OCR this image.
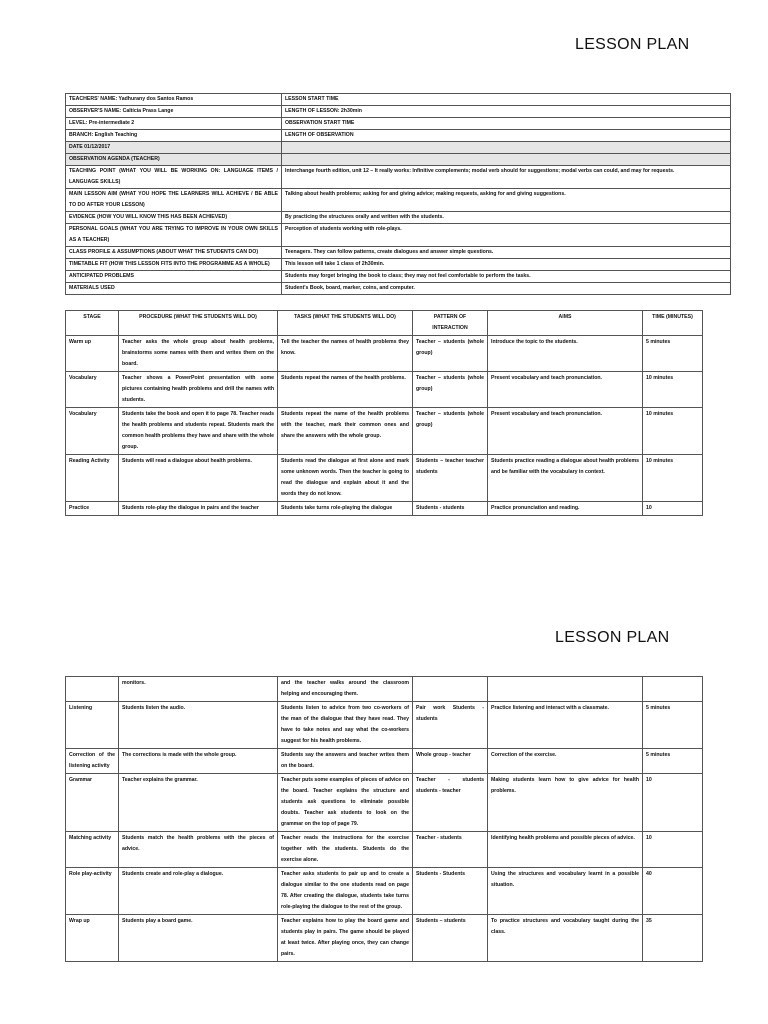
LESSON PLAN
TEACHERS' NAME: Yadhurany dos Santos Ramos	LESSON START TIME
OBSERVER'S NAME: Caltícia Prass Lange	LENGTH OF LESSON: 2h30min
LEVEL: Pre-intermediate 2	OBSERVATION START TIME
BRANCH: English Teaching	LENGTH OF OBSERVATION
DATE 01/12/2017	
OBSERVATION AGENDA (TEACHER)	
TEACHING POINT (WHAT YOU WILL BE WORKING ON: LANGUAGE ITEMS / LANGUAGE SKILLS)	Interchange fourth edition, unit 12 – It really works: Infinitive complements; modal verb should for suggestions; modal verbs can could, and may for requests.
MAIN LESSON AIM (WHAT YOU HOPE THE LEARNERS WILL ACHIEVE / BE ABLE TO DO AFTER YOUR LESSON)	Talking about health problems; asking for and giving advice; making requests, asking for and giving suggestions.
EVIDENCE (HOW YOU WILL KNOW THIS HAS BEEN ACHIEVED)	By practicing the structures orally and written with the students.
PERSONAL GOALS (WHAT YOU ARE TRYING TO IMPROVE IN YOUR OWN SKILLS AS A TEACHER)	Perception of students working with role-plays.
CLASS PROFILE & ASSUMPTIONS (ABOUT WHAT THE STUDENTS CAN DO)	Teenagers. They can follow patterns, create dialogues and answer simple questions.
TIMETABLE FIT (HOW THIS LESSON FITS INTO THE PROGRAMME AS A WHOLE)	This lesson will take 1 class of 2h30min.
ANTICIPATED PROBLEMS	Students may forget bringing the book to class; they may not feel comfortable to perform the tasks.
MATERIALS USED	Student's Book, board, marker, coins, and computer.
STAGE	PROCEDURE (WHAT THE STUDENTS WILL DO)	TASKS (WHAT THE STUDENTS WILL DO)	PATTERN OF INTERACTION	AIMS	TIME (MINUTES)
Warm up	Teacher asks the whole group about health problems, brainstorms some names with them and writes them on the board.	Tell the teacher the names of health problems they know.	Teacher – students (whole group)	Introduce the topic to the students.	5 minutes
Vocabulary	Teacher shows a PowerPoint presentation with some pictures containing health problems and drill the names with students.	Students repeat the names of the health problems.	Teacher – students (whole group)	Present vocabulary and teach pronunciation.	10 minutes
Vocabulary	Students take the book and open it to page 78. Teacher reads the health problems and students repeat. Students mark the common health problems they have and share with the whole group.	Students repeat the name of the health problems with the teacher, mark their common ones and share the answers with the whole group.	Teacher – students (whole group)	Present vocabulary and teach pronunciation.	10 minutes
Reading Activity	Students will read a dialogue about health problems.	Students read the dialogue at first alone and mark some unknown words. Then the teacher is going to read the dialogue and explain about it and the words they do not know.	Students – teacher teacher students	Students practice reading a dialogue about health problems and be familiar with the vocabulary in context.	10 minutes
Practice	Students role-play the dialogue in pairs and the teacher	Students take turns role-playing the dialogue	Students - students	Practice pronunciation and reading.	10
LESSON PLAN
	monitors.	and the teacher walks around the classroom helping and encouraging them.			
Listening	Students listen the audio.	Students listen to advice from two co-workers of the man of the dialogue that they have read. They have to take notes and say what the co-workers suggest for his health problems.	Pair work Students - students	Practice listening and interact with a classmate.	5 minutes
Correction of the listening activity	The corrections is made with the whole group.	Students say the answers and teacher writes them on the board.	Whole group - teacher	Correction of the exercise.	5 minutes
Grammar	Teacher explains the grammar.	Teacher puts some examples of pieces of advice on the board. Teacher explains the structure and students ask questions to eliminate possible doubts. Teacher ask students to look on the grammar on the top of page 79.	Teacher - students students - teacher	Making students learn how to give advice for health problems.	10
Matching activity	Students match the health problems with the pieces of advice.	Teacher reads the instructions for the exercise together with the students. Students do the exercise alone.	Teacher - students	Identifying health problems and possible pieces of advice.	10
Role play-activity	Students create and role-play a dialogue.	Teacher asks students to pair up and to create a dialogue similar to the one students read on page 78. After creating the dialogue, students take turns role-playing the dialogue to the rest of the group.	Students - Students	Using the structures and vocabulary learnt in a possible situation.	40
Wrap up	Students play a board game.	Teacher explains how to play the board game and students play in pairs. The game should be played at least twice. After playing once, they can change pairs.	Students – students	To practice structures and vocabulary taught during the class.	35
